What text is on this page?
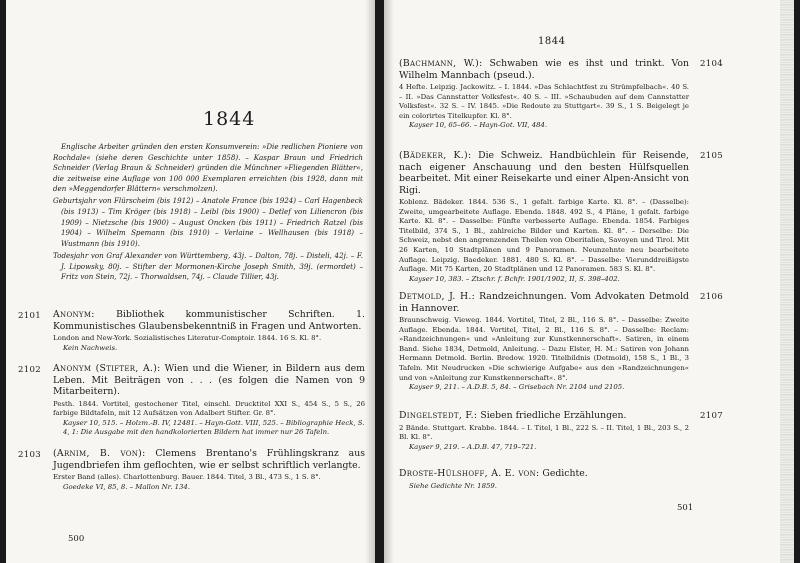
1844

Englische Arbeiter gründen den ersten Konsumverein: »Die redlichen Pioniere von Rochdale« (siehe deren Geschichte unter 1858). – Kaspar Braun und Friedrich Schneider (Verlag Braun & Schneider) gründen die Münchner »Fliegenden Blätter«, die zeitweise eine Auflage von 100 000 Exemplaren erreichten (bis 1928, dann mit den »Meggendorfer Blättern« verschmolzen).

Geburtsjahr von Flürscheim (bis 1912) – Anatole France (bis 1924) – Carl Hagenbeck (bis 1913) – Tim Kröger (bis 1918) – Leibl (bis 1900) – Detlef von Liliencron (bis 1909) – Nietzsche (bis 1900) – August Oncken (bis 1911) – Friedrich Ratzel (bis 1904) – Wilhelm Spemann (bis 1910) – Verlaine – Wellhausen (bis 1918) – Wustmann (bis 1910).

Todesjahr von Graf Alexander von Württemberg, 43j. – Dalton, 78j. – Disteli, 42j. – F. J. Lipowsky, 80j. – Stifter der Mormonen-Kirche Joseph Smith, 39j. (ermordet) – Fritz von Stein, 72j. – Thorwaldsen, 74j. – Claude Tillier, 43j.

2101 Anonym: Bibliothek kommunistischer Schriften. 1. Kommunistisches Glaubensbekenntniß in Fragen und Antworten.

London and New-York. Sozialistisches Literatur-Comptoir. 1844. 16 S. Kl. 8°.

Kein Nachweis.

2102 Anonym (Stifter, A.): Wien und die Wiener, in Bildern aus dem Leben. Mit Beiträgen von . . . (es folgen die Namen von 9 Mitarbeitern).

Pesth. 1844. Vortitel, gestochener Titel, einschl. Drucktitel XXI S., 454 S., 5 S., 26 farbige Bildtafeln, mit 12 Aufsätzen von Adalbert Stifter. Gr. 8°.

Kayser 10, 515. – Holzm.-B. IV, 12481. – Hayn-Gott. VIII, 525. – Bibliographie Heck, S. 4, 1: Die Ausgabe mit den handkolorierten Bildern hat immer nur 26 Tafeln.

2103 (Arnim, B. von): Clemens Brentano's Frühlingskranz aus Jugendbriefen ihm geflochten, wie er selbst schriftlich verlangte.

Erster Band (alles). Charlottenburg. Bauer. 1844. Titel, 3 Bl., 473 S., 1 S. 8°.

Goedeke VI, 85, 8. – Mallon Nr. 134.

500
1844

(Bachmann, W.): Schwaben wie es ihst und trinkt. Von Wilhelm Mannbach (pseud.).

4 Hefte. Leipzig. Jackowitz. – I. 1844. »Das Schlachtfest zu Strümpfelbach«. 40 S. – II. »Das Cannstatter Volksfest«. 40 S. – III. »Schaubuden auf dem Cannstatter Volksfest«. 32 S. – IV. 1845. »Die Redoute zu Stuttgart«. 39 S., 1 S. Beigelegt je ein colorirtes Titelkupfer. Kl. 8°.

Kayser 10, 65–66. – Hayn-Got. VII, 484.

2104

(Bädeker, K.): Die Schweiz. Handbüchlein für Reisende, nach eigener Anschauung und den besten Hülfsquellen bearbeitet. Mit einer Reisekarte und einer Alpen-Ansicht von Rigi.

Koblenz. Bädeker. 1844. 536 S., 1 gefalt. farbige Karte. Kl. 8°. – (Dasselbe): Zweite, umgearbeitete Auflage. Ebenda. 1848. 492 S., 4 Pläne, 1 gefalt. farbige Karte. Kl. 8°. – Dasselbe: Fünfte verbesserte Auflage. Ebenda. 1854. Farbiges Titelbild, 374 S., 1 Bl., zahlreiche Bilder und Karten. Kl. 8°. – Derselbe: Die Schweiz, nebst den angrenzenden Theilen von Oberitalien, Savoyen und Tirol. Mit 26 Karten, 10 Stadtplänen und 9 Panoramen. Neunzehnte neu bearbeitete Auflage. Leipzig. Baedeker. 1881. 480 S. Kl. 8°. – Dasselbe: Vierunddreißigste Auflage. Mit 75 Karten, 20 Stadtplänen und 12 Panoramen. 583 S. Kl. 8°.

Kayser 10, 383. – Ztschr. f. Bchfr. 1901/1902, II, S. 398–402.

2105

Detmold, J. H.: Randzeichnungen. Vom Advokaten Detmold in Hannover.

Braunschweig. Vieweg. 1844. Vortitel, Titel, 2 Bl., 116 S. 8°. – Dasselbe: Zweite Auflage. Ebenda. 1844. Vortitel, Titel, 2 Bl., 116 S. 8°. – Dasselbe: Reclam: »Randzeichnungen« und »Anleitung zur Kunstkennerschaft«. Satiren, in einem Band. Siehe 1834, Detmold, Anleitung. – Dazu Elster, H. M.: Satiren von Johann Hermann Detmold. Berlin. Bredow. 1920. Titelbildnis (Detmold), 158 S., 1 Bl., 3 Tafeln. Mit Neudrucken »Die schwierige Aufgabe« aus den »Randzeichnungen« und von »Anleitung zur Kunstkennerschaft«. 8°.

Kayser 9, 211. – A.D.B. 5, 84. – Grisebach Nr. 2104 und 2105.

2106

Dingelstedt, F.: Sieben friedliche Erzählungen.

2 Bände. Stuttgart. Krabbe. 1844. – I. Titel, 1 Bl., 222 S. – II. Titel, 1 Bl., 203 S., 2 Bl. Kl. 8°.

Kayser 9, 219. – A.D.B. 47, 719–721.

2107

Droste-Hülshoff, A. E. von: Gedichte.

Siehe Gedichte Nr. 1859.

501
